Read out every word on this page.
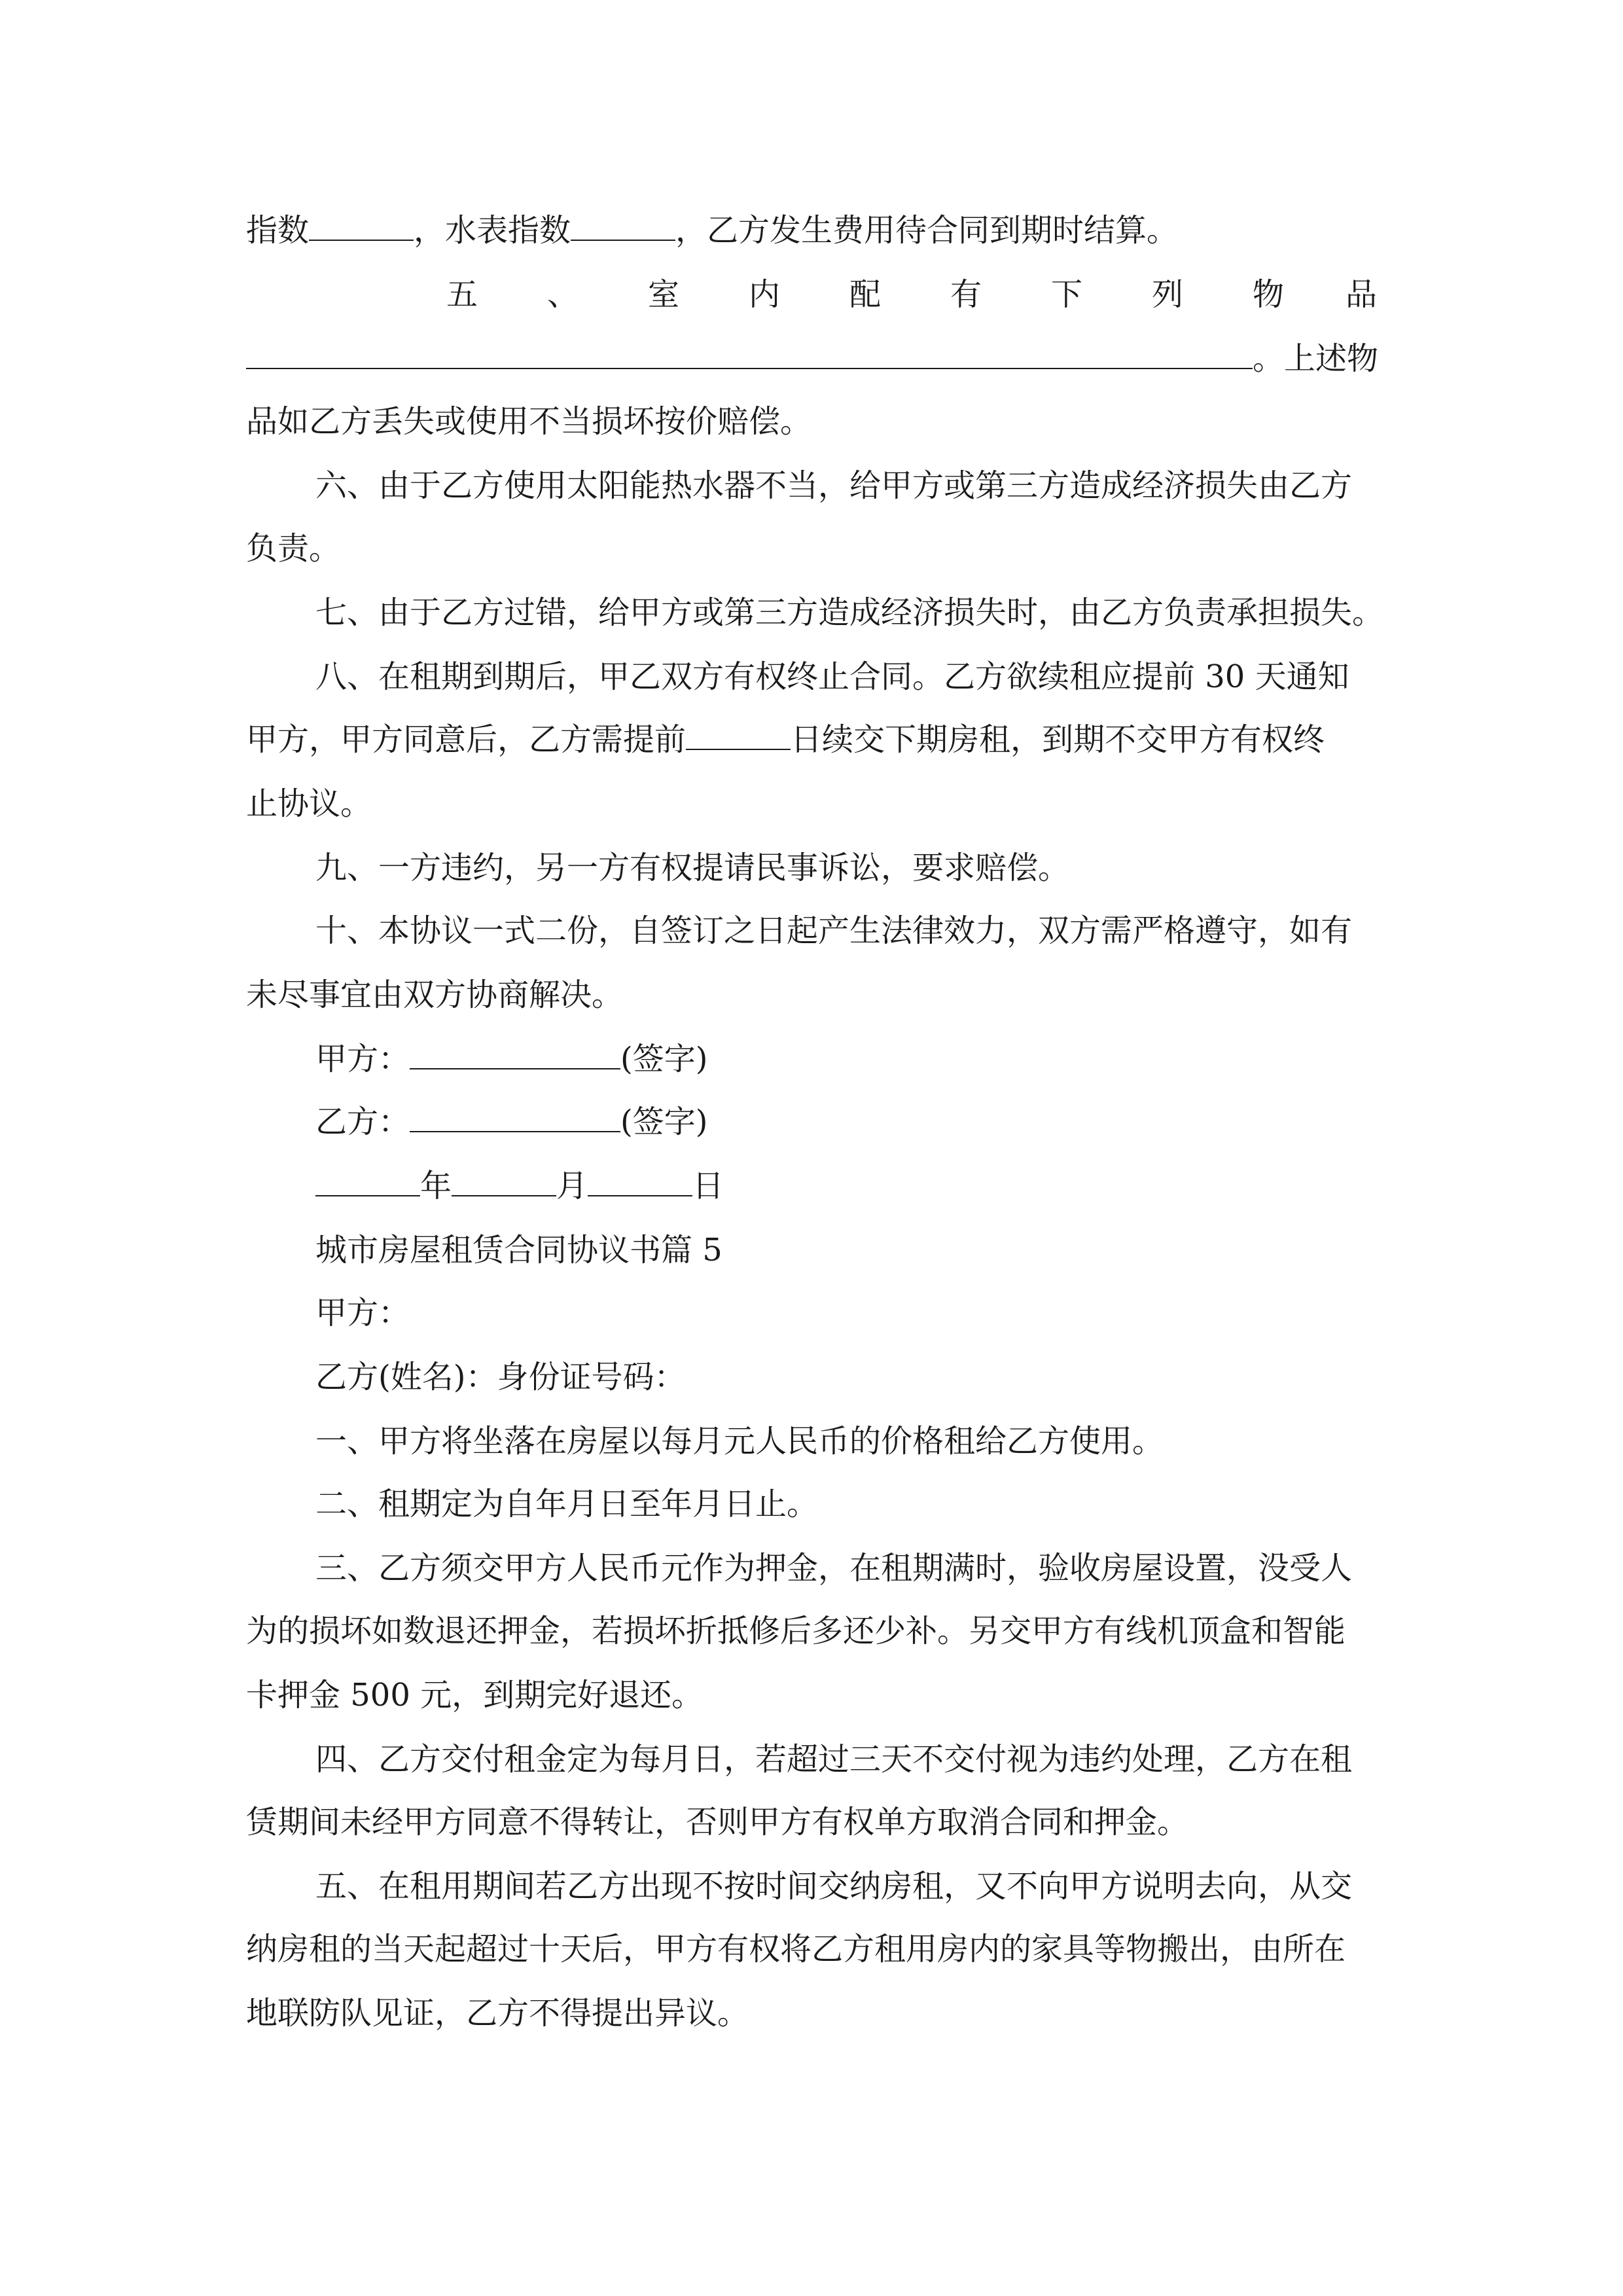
指数	，水表指数	，乙方发生费用待合同到期时结算。
五 、 室 内 配 有 下 列 物 品
。上述物
品如乙方丢失或使用不当损坏按价赔偿。
六、由于乙方使用太阳能热水器不当，给甲方或第三方造成经济损失由乙方
负责。
七、由于乙方过错，给甲方或第三方造成经济损失时，由乙方负责承担损失。
八、在租期到期后，甲乙双方有权终止合同。乙方欲续租应提前 30 天通知
甲方，甲方同意后，乙方需提前	日续交下期房租，到期不交甲方有权终
止协议。
九、一方违约，另一方有权提请民事诉讼，要求赔偿。
十、本协议一式二份，自签订之日起产生法律效力，双方需严格遵守，如有
未尽事宜由双方协商解决。
甲方：	(签字)
乙方：	(签字)
年	月	日
城市房屋租赁合同协议书篇 5
甲方：
乙方(姓名)：身份证号码：
一、甲方将坐落在房屋以每月元人民币的价格租给乙方使用。
二、租期定为自年月日至年月日止。
三、乙方须交甲方人民币元作为押金，在租期满时，验收房屋设置，没受人
为的损坏如数退还押金，若损坏折抵修后多还少补。另交甲方有线机顶盒和智能
卡押金 500 元，到期完好退还。
四、乙方交付租金定为每月日，若超过三天不交付视为违约处理，乙方在租
赁期间未经甲方同意不得转让，否则甲方有权单方取消合同和押金。
五、在租用期间若乙方出现不按时间交纳房租，又不向甲方说明去向，从交
纳房租的当天起超过十天后，甲方有权将乙方租用房内的家具等物搬出，由所在
地联防队见证，乙方不得提出异议。
